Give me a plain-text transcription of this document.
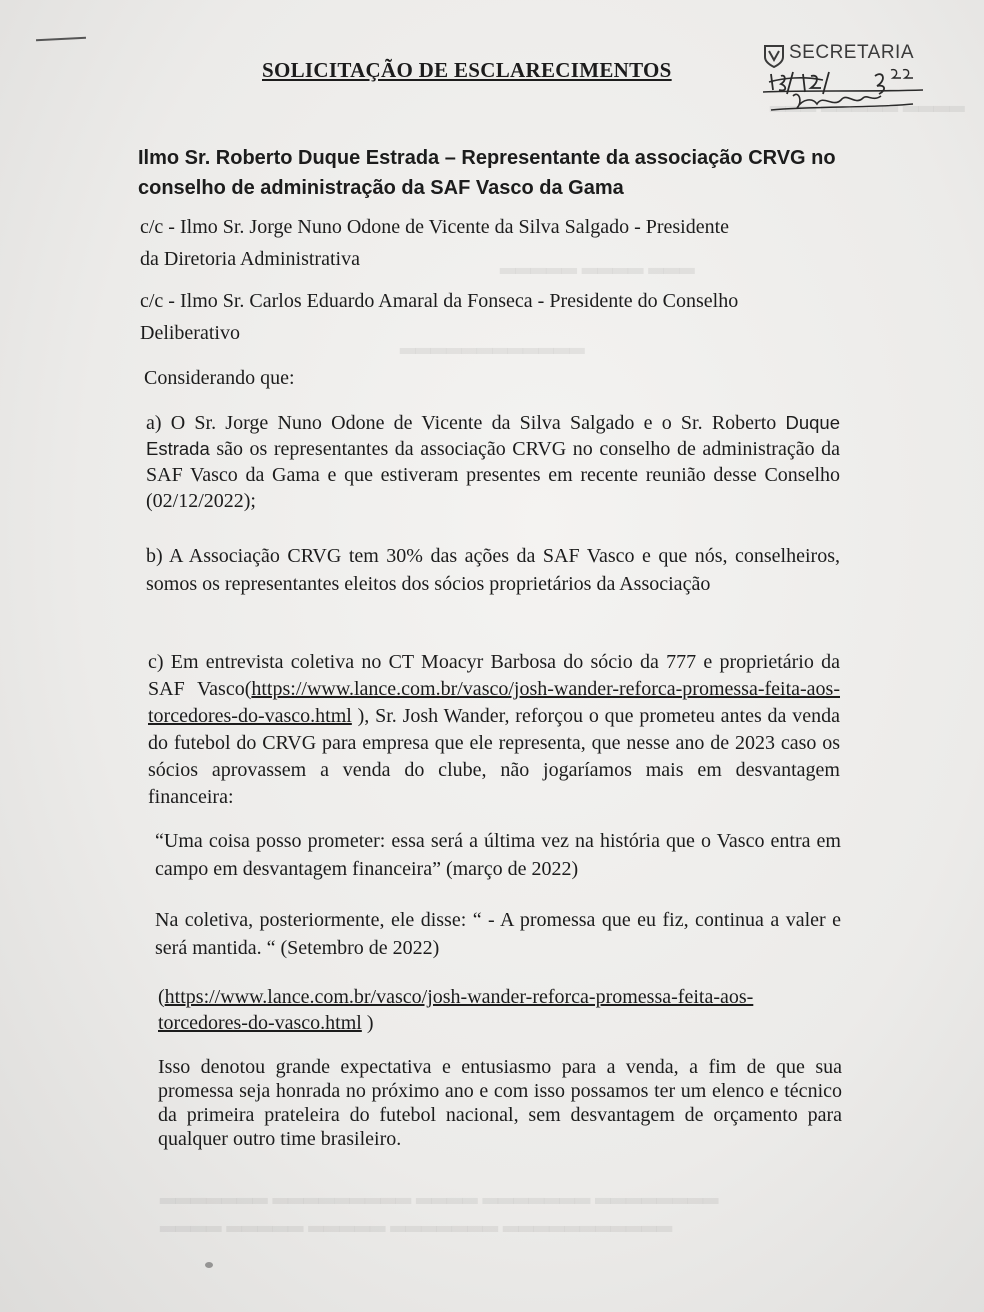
▂▂▂ ▂▂▂▂▂ ▂▂▂▂
▂▂▂▂▂ ▂▂▂▂ ▂▂▂
▂▂▂▂▂▂▂▂▂▂▂▂
▂▂▂▂▂▂▂ ▂▂▂▂▂▂▂▂▂ ▂▂▂▂ ▂▂▂▂▂▂▂ ▂▂▂▂▂▂▂▂
▂▂▂▂ ▂▂▂▂▂ ▂▂▂▂▂ ▂▂▂▂▂▂▂ ▂▂▂▂▂▂▂▂▂▂▂
SOLICITAÇÃO DE ESCLARECIMENTOS
SECRETARIA
Ilmo Sr. Roberto Duque Estrada – Representante da associação CRVG no conselho de administração da SAF Vasco da Gama
c/c - Ilmo Sr. Jorge Nuno Odone de Vicente da Silva Salgado - Presidente
da Diretoria Administrativa
c/c - Ilmo Sr. Carlos Eduardo Amaral da Fonseca - Presidente do Conselho
Deliberativo
Considerando que:
a) O Sr. Jorge Nuno Odone de Vicente da Silva Salgado e o Sr. Roberto Duque Estrada são os representantes da associação CRVG no conselho de administração da SAF Vasco da Gama e que estiveram presentes em recente reunião desse Conselho (02/12/2022);
b) A Associação CRVG tem 30% das ações da SAF Vasco e que nós, conselheiros, somos os representantes eleitos dos sócios proprietários da Associação
c) Em entrevista coletiva no CT Moacyr Barbosa do sócio da 777 e proprietário da SAF Vasco(https://www.lance.com.br/vasco/josh-wander-reforca-promessa-feita-aos-torcedores-do-vasco.html ), Sr. Josh Wander, reforçou o que prometeu antes da venda do futebol do CRVG para empresa que ele representa, que nesse ano de 2023 caso os sócios aprovassem a venda do clube, não jogaríamos mais em desvantagem financeira:
“Uma coisa posso prometer: essa será a última vez na história que o Vasco entra em campo em desvantagem financeira” (março de 2022)
Na coletiva, posteriormente, ele disse: “ - A promessa que eu fiz, continua a valer e será mantida. “ (Setembro de 2022)
(https://www.lance.com.br/vasco/josh-wander-reforca-promessa-feita-aos-torcedores-do-vasco.html )
Isso denotou grande expectativa e entusiasmo para a venda, a fim de que sua promessa seja honrada no próximo ano e com isso possamos ter um elenco e técnico da primeira prateleira do futebol nacional, sem desvantagem de orçamento para qualquer outro time brasileiro.
